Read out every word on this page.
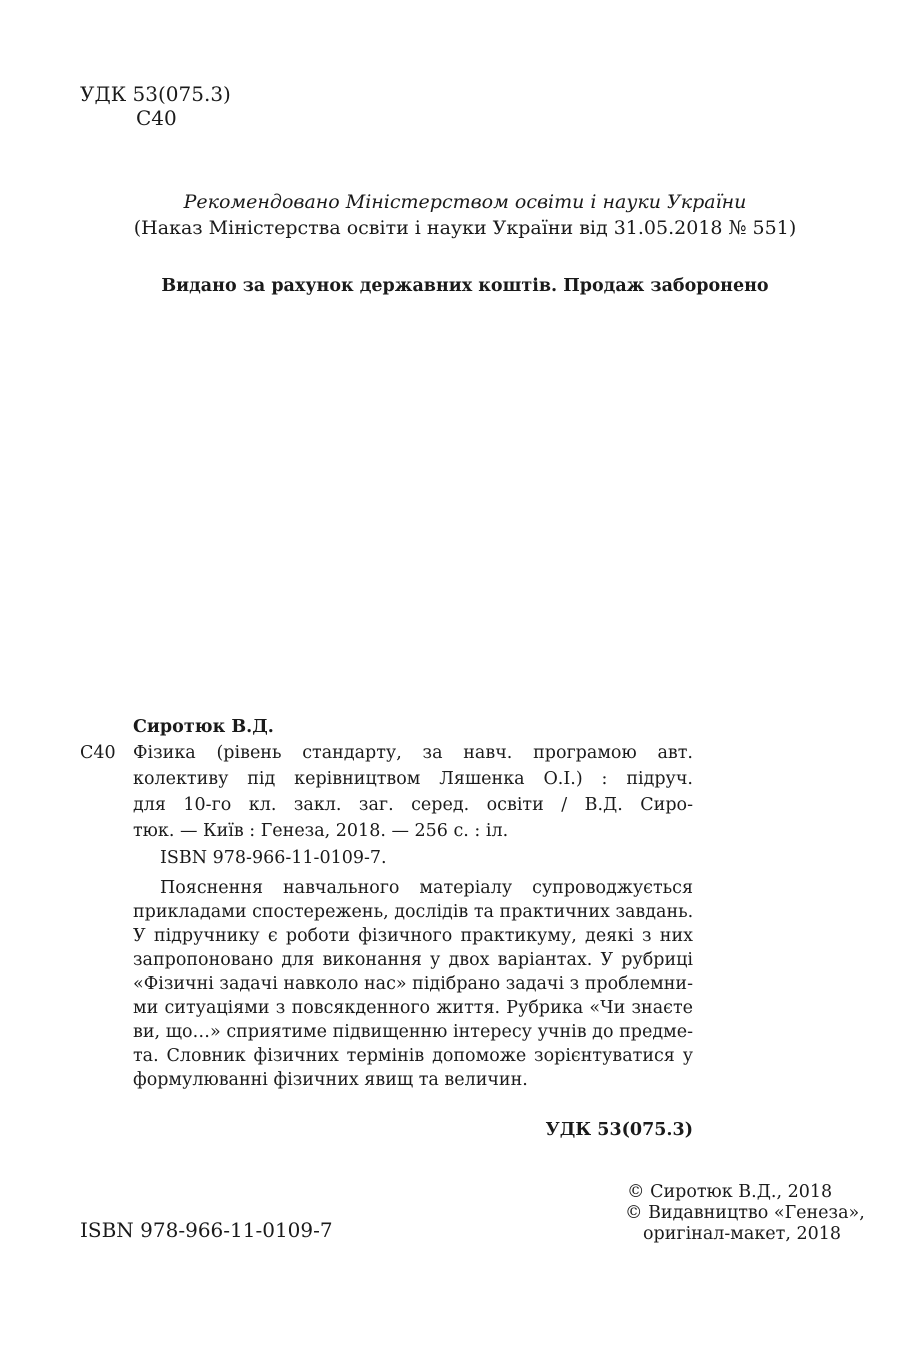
УДК 53(075.3)
С40
Рекомендовано Міністерством освіти і науки України
(Наказ Міністерства освіти і науки України від 31.05.2018 № 551)
Видано за рахунок державних коштів. Продаж заборонено
Сиротюк В.Д.
С40 Фізика (рівень стандарту, за навч. програмою авт.
колективу під керівництвом Ляшенка О.І.) : підруч.
для 10-го кл. закл. заг. серед. освіти / В.Д. Сиро-
тюк. — Київ : Генеза, 2018. — 256 с. : іл.
ISBN 978-966-11-0109-7.
Пояснення навчального матеріалу супроводжується
прикладами спостережень, дослідів та практичних завдань.
У підручнику є роботи фізичного практикуму, деякі з них
запропоновано для виконання у двох варіантах. У рубриці
«Фізичні задачі навколо нас» підібрано задачі з проблемни-
ми ситуаціями з повсякденного життя. Рубрика «Чи знаєте
ви, що…» сприятиме підвищенню інтересу учнів до предме-
та. Словник фізичних термінів допоможе зорієнтуватися у
формулюванні фізичних явищ та величин.
УДК 53(075.3)
ISBN 978-966-11-0109-7
© Сиротюк В.Д., 2018
© Видавництво «Генеза»,
оригінал-макет, 2018
